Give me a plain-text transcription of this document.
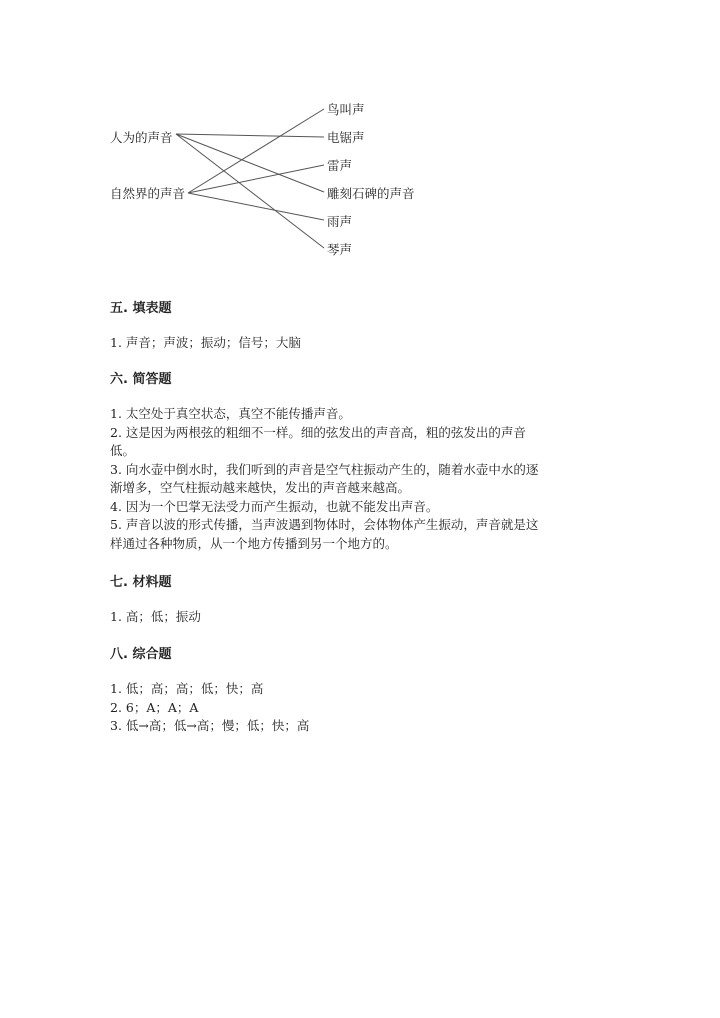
人为的声音
自然界的声音
鸟叫声
电锯声
雷声
雕刻石碑的声音
雨声
琴声

五. 填表题

1. 声音；声波；振动；信号；大脑

六. 简答题

1. 太空处于真空状态，真空不能传播声音。
2. 这是因为两根弦的粗细不一样。细的弦发出的声音高，粗的弦发出的声音
低。
3. 向水壶中倒水时，我们听到的声音是空气柱振动产生的，随着水壶中水的逐
渐增多，空气柱振动越来越快，发出的声音越来越高。
4. 因为一个巴掌无法受力而产生振动，也就不能发出声音。
5. 声音以波的形式传播，当声波遇到物体时，会体物体产生振动，声音就是这
样通过各种物质，从一个地方传播到另一个地方的。

七. 材料题

1. 高；低；振动

八. 综合题

1. 低；高；高；低；快；高
2. 6；A；A；A
3. 低→高；低→高；慢；低；快；高
